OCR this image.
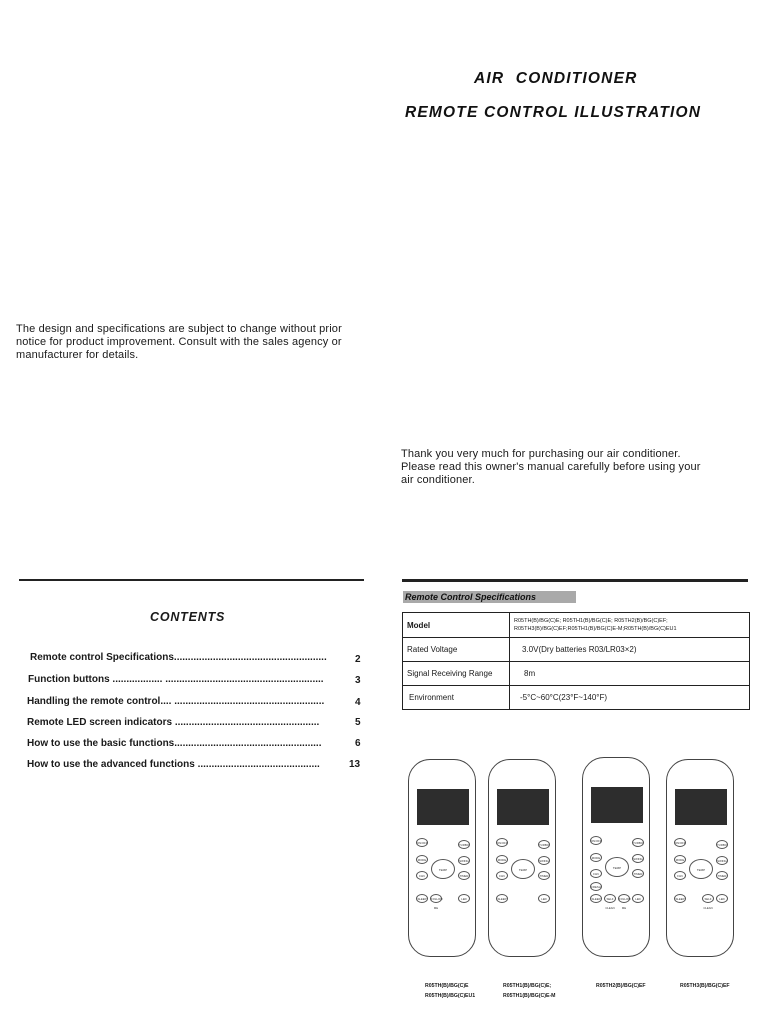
AIR CONDITIONER
REMOTE CONTROL ILLUSTRATION
The design and specifications are subject to change without prior notice for product improvement. Consult with the sales agency or manufacturer for details.
Thank you very much for purchasing our air conditioner. Please read this owner's manual carefully before using your air conditioner.
CONTENTS
Remote control Specifications.......................................................	2
Function buttons .................. .........................................................	3
Handling the remote control.... ......................................................	4
Remote LED screen indicators ....................................................	5
How to use the basic functions.....................................................	6
How to use the advanced functions ............................................	13
Remote Control Specifications
Model	R05TH(B)/BG(C)E; R05TH1(B)/BG(C)E; R05TH2(B)/BG(C)EF;
R05TH3(B)/BG(C)EF;R05TH1(B)/BG(C)E-M;R05TH(B)/BG(C)EU1

Rated Voltage	3.0V(Dry batteries R03/LR03×2)
Signal Receiving Range	8m
Environment	-5°C~60°C(23°F~140°F)
ON/OFF	TURBO
MODE	SWING
TEMP
FAN	TIMER
SLEEP	FOLLOW ME
LED
ON/OFF	TURBO
MODE	SWING
TEMP
FAN	TIMER
SLEEP	LED
ON/OFF	TURBO
MODE	SWING
TEMP
FAN	TIMER
FRESH
SLEEP	SELF CLEAN
FOLLOW ME
LED
ON/OFF	TURBO
MODE	SWING
TEMP
FAN	TIMER
SLEEP	SELF CLEAN
LED
R05TH(B)/BG(C)E
R05TH(B)/BG(C)EU1
R05TH1(B)/BG(C)E;
R05TH1(B)/BG(C)E-M
R05TH2(B)/BG(C)EF	R05TH3(B)/BG(C)EF
